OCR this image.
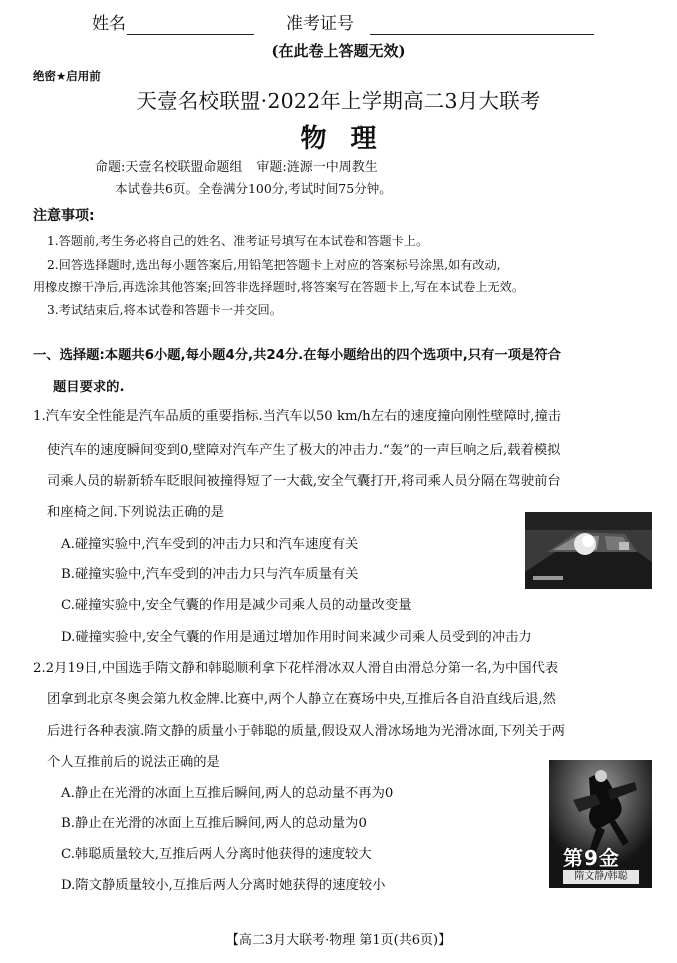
姓名	准考证号
(在此卷上答题无效)
绝密★启用前
天壹名校联盟·2022年上学期高二3月大联考
物理
命题:天壹名校联盟命题组 审题:涟源一中周教生
本试卷共6页。全卷满分100分,考试时间75分钟。
注意事项:
1.答题前,考生务必将自己的姓名、准考证号填写在本试卷和答题卡上。
2.回答选择题时,选出每小题答案后,用铅笔把答题卡上对应的答案标号涂黑,如有改动,
用橡皮擦干净后,再选涂其他答案;回答非选择题时,将答案写在答题卡上,写在本试卷上无效。
3.考试结束后,将本试卷和答题卡一并交回。
一、选择题:本题共6小题,每小题4分,共24分.在每小题给出的四个选项中,只有一项是符合
题目要求的.
1.汽车安全性能是汽车品质的重要指标.当汽车以50 km/h左右的速度撞向刚性壁障时,撞击
使汽车的速度瞬间变到0,壁障对汽车产生了极大的冲击力.“轰”的一声巨响之后,载着模拟
司乘人员的崭新轿车眨眼间被撞得短了一大截,安全气囊打开,将司乘人员分隔在驾驶前台
和座椅之间.下列说法正确的是
A.碰撞实验中,汽车受到的冲击力只和汽车速度有关
B.碰撞实验中,汽车受到的冲击力只与汽车质量有关
C.碰撞实验中,安全气囊的作用是减少司乘人员的动量改变量
D.碰撞实验中,安全气囊的作用是通过增加作用时间来减少司乘人员受到的冲击力
2.2月19日,中国选手隋文静和韩聪顺利拿下花样滑冰双人滑自由滑总分第一名,为中国代表
团拿到北京冬奥会第九枚金牌.比赛中,两个人静立在赛场中央,互推后各自沿直线后退,然
后进行各种表演.隋文静的质量小于韩聪的质量,假设双人滑冰场地为光滑冰面,下列关于两
个人互推前后的说法正确的是
第9金
隋文静/韩聪
A.静止在光滑的冰面上互推后瞬间,两人的总动量不再为0
B.静止在光滑的冰面上互推后瞬间,两人的总动量为0
C.韩聪质量较大,互推后两人分离时他获得的速度较大
D.隋文静质量较小,互推后两人分离时她获得的速度较小
【高二3月大联考·物理 第1页(共6页)】
